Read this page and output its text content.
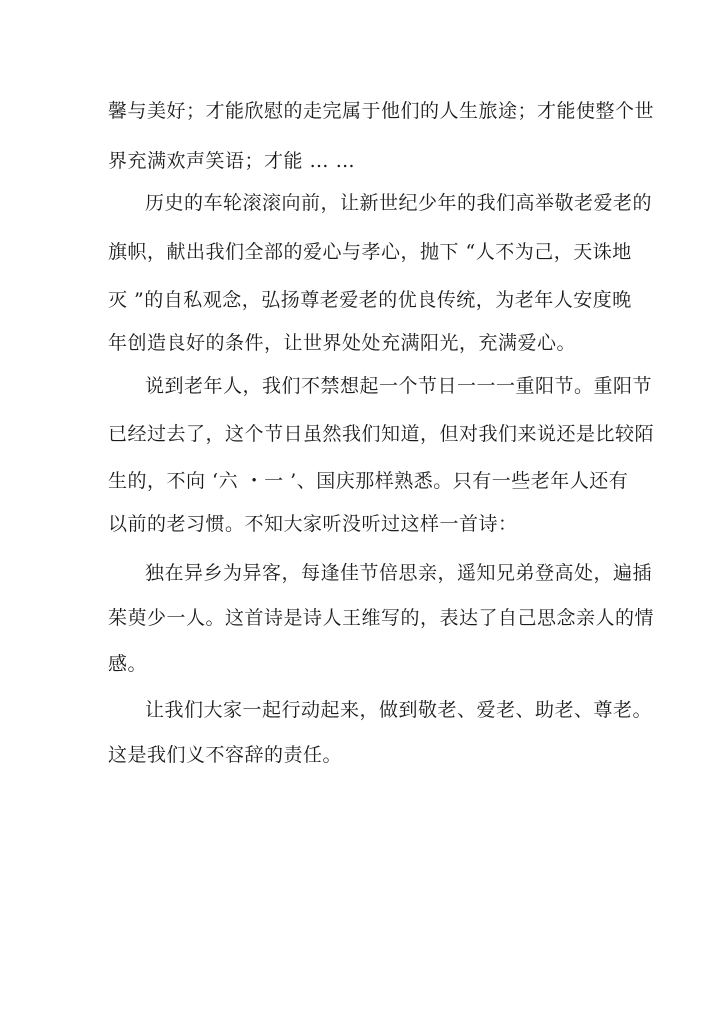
馨与美好；才能欣慰的走完属于他们的人生旅途；才能使整个世

界充满欢声笑语；才能 … …

历史的车轮滚滚向前，让新世纪少年的我们高举敬老爱老的

旗帜，献出我们全部的爱心与孝心，抛下 “人不为己，天诛地

灭 ”的自私观念，弘扬尊老爱老的优良传统，为老年人安度晚

年创造良好的条件，让世界处处充满阳光，充满爱心。

说到老年人，我们不禁想起一个节日一一一重阳节。重阳节

已经过去了，这个节日虽然我们知道，但对我们来说还是比较陌

生的，不向 ‘六 ・一 ’、国庆那样熟悉。只有一些老年人还有

以前的老习惯。不知大家听没听过这样一首诗：

独在异乡为异客，每逢佳节倍思亲，遥知兄弟登高处，遍插

茱萸少一人。这首诗是诗人王维写的，表达了自己思念亲人的情

感。

让我们大家一起行动起来，做到敬老、爱老、助老、尊老。

这是我们义不容辞的责任。
